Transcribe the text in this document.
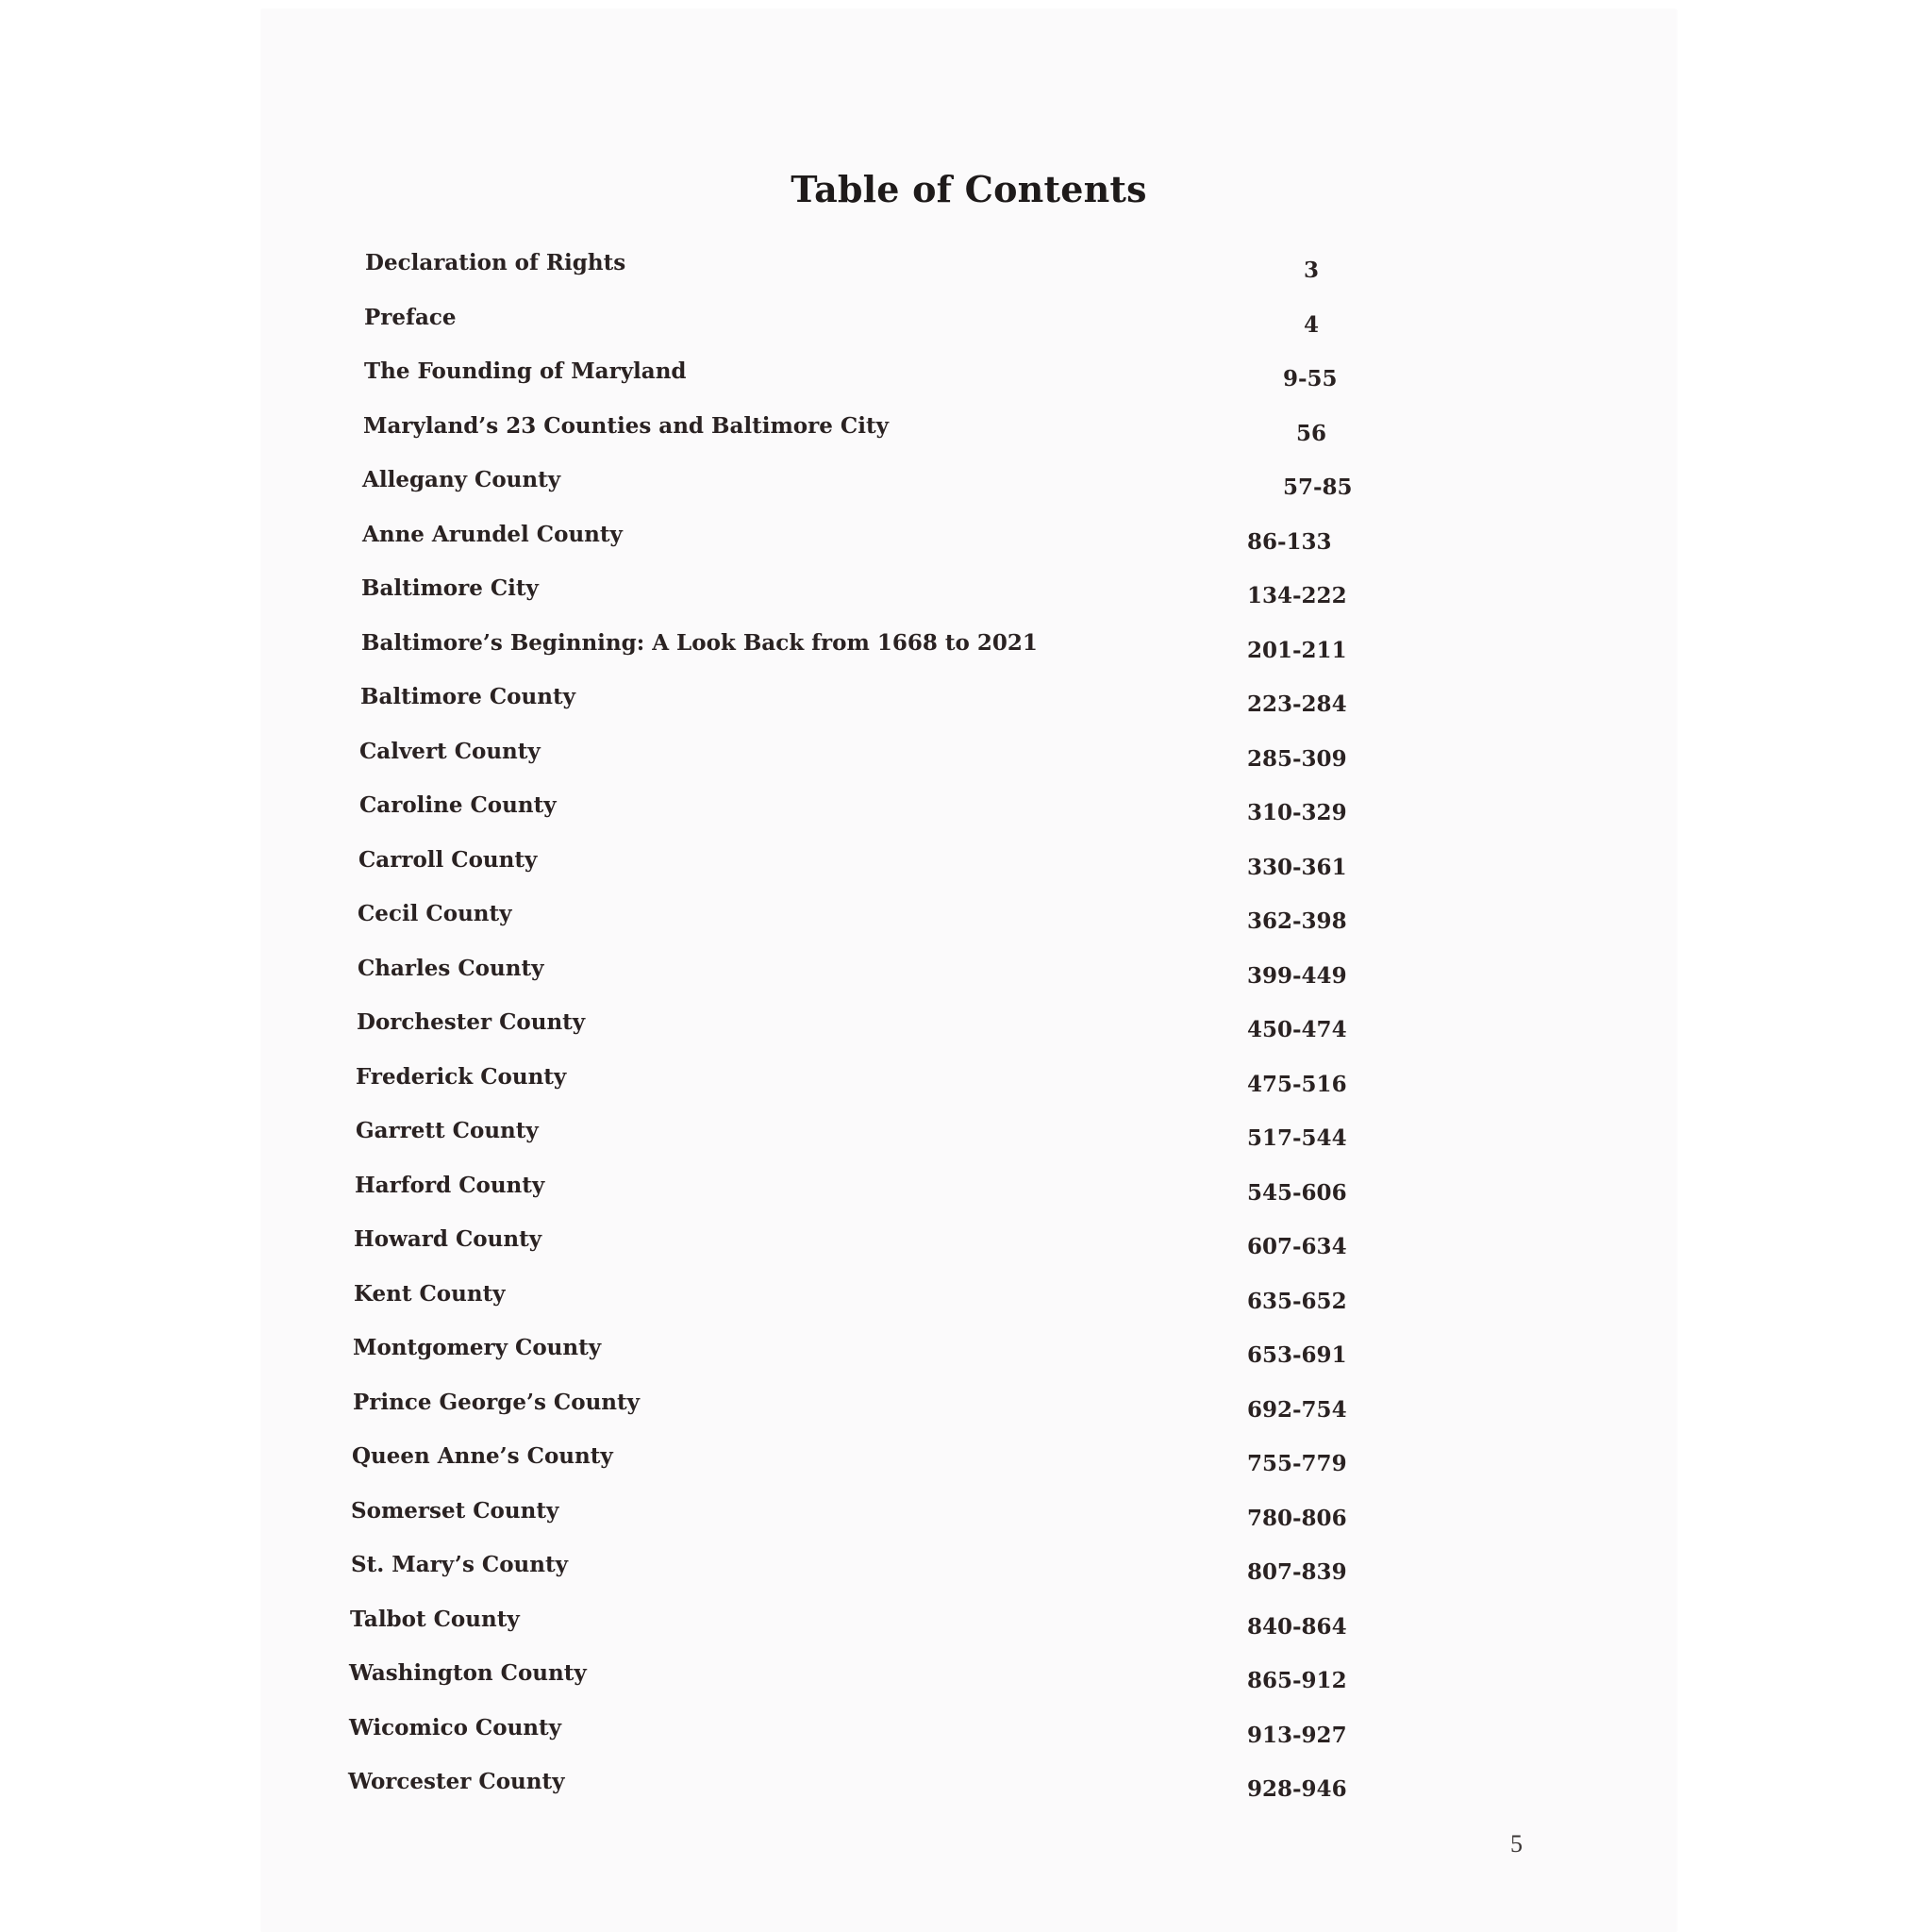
Table of Contents
Declaration of Rights	3
Preface	4
The Founding of Maryland	9-55
Maryland’s 23 Counties and Baltimore City	56
Allegany County	57-85
Anne Arundel County	86-133
Baltimore City	134-222
Baltimore’s Beginning: A Look Back from 1668 to 2021	201-211
Baltimore County	223-284
Calvert County	285-309
Caroline County	310-329
Carroll County	330-361
Cecil County	362-398
Charles County	399-449
Dorchester County	450-474
Frederick County	475-516
Garrett County	517-544
Harford County	545-606
Howard County	607-634
Kent County	635-652
Montgomery County	653-691
Prince George’s County	692-754
Queen Anne’s County	755-779
Somerset County	780-806
St. Mary’s County	807-839
Talbot County	840-864
Washington County	865-912
Wicomico County	913-927
Worcester County	928-946
5
